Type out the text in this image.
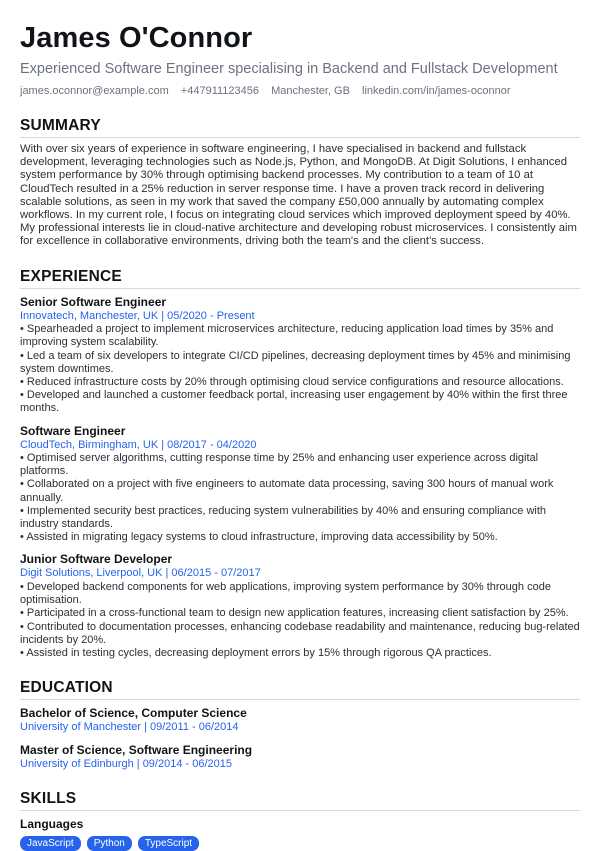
James O'Connor
Experienced Software Engineer specialising in Backend and Fullstack Development
james.oconnor@example.com +447911123456 Manchester, GB linkedin.com/in/james-oconnor
SUMMARY
With over six years of experience in software engineering, I have specialised in backend and fullstack development, leveraging technologies such as Node.js, Python, and MongoDB. At Digit Solutions, I enhanced system performance by 30% through optimising backend processes. My contribution to a team of 10 at CloudTech resulted in a 25% reduction in server response time. I have a proven track record in delivering scalable solutions, as seen in my work that saved the company £50,000 annually by automating complex workflows. In my current role, I focus on integrating cloud services which improved deployment speed by 40%. My professional interests lie in cloud-native architecture and developing robust microservices. I consistently aim for excellence in collaborative environments, driving both the team's and the client's success.
EXPERIENCE
Senior Software Engineer
Innovatech, Manchester, UK | 05/2020 - Present
• Spearheaded a project to implement microservices architecture, reducing application load times by 35% and improving system scalability.
• Led a team of six developers to integrate CI/CD pipelines, decreasing deployment times by 45% and minimising system downtimes.
• Reduced infrastructure costs by 20% through optimising cloud service configurations and resource allocations.
• Developed and launched a customer feedback portal, increasing user engagement by 40% within the first three months.
Software Engineer
CloudTech, Birmingham, UK | 08/2017 - 04/2020
• Optimised server algorithms, cutting response time by 25% and enhancing user experience across digital platforms.
• Collaborated on a project with five engineers to automate data processing, saving 300 hours of manual work annually.
• Implemented security best practices, reducing system vulnerabilities by 40% and ensuring compliance with industry standards.
• Assisted in migrating legacy systems to cloud infrastructure, improving data accessibility by 50%.
Junior Software Developer
Digit Solutions, Liverpool, UK | 06/2015 - 07/2017
• Developed backend components for web applications, improving system performance by 30% through code optimisation.
• Participated in a cross-functional team to design new application features, increasing client satisfaction by 25%.
• Contributed to documentation processes, enhancing codebase readability and maintenance, reducing bug-related incidents by 20%.
• Assisted in testing cycles, decreasing deployment errors by 15% through rigorous QA practices.
EDUCATION
Bachelor of Science, Computer Science
University of Manchester | 09/2011 - 06/2014
Master of Science, Software Engineering
University of Edinburgh | 09/2014 - 06/2015
SKILLS
Languages
JavaScript	Python	TypeScript
